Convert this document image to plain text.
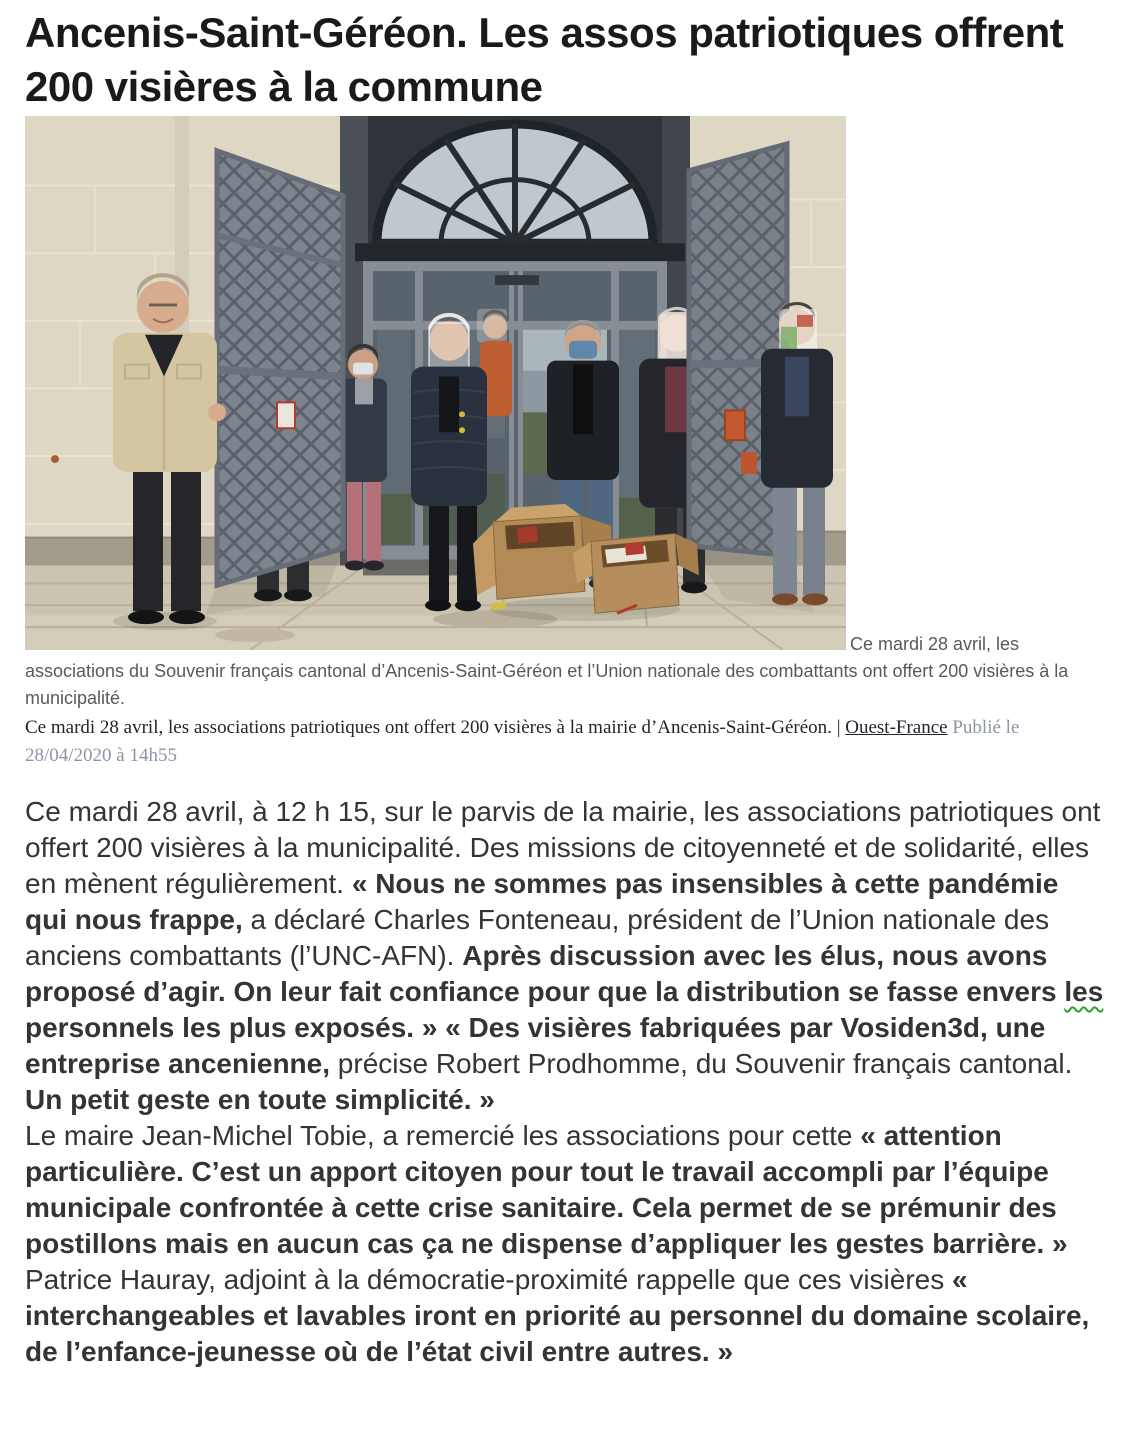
Ancenis-Saint-Géréon. Les assos patriotiques offrent 200 visières à la commune
Ce mardi 28 avril, les associations du Souvenir français cantonal d’Ancenis-Saint-Géréon et l’Union nationale des combattants ont offert 200 visières à la municipalité.

Ce mardi 28 avril, les associations patriotiques ont offert 200 visières à la mairie d’Ancenis-Saint-Géréon. | Ouest-France Publié le 28/04/2020 à 14h55

Ce mardi 28 avril, à 12 h 15, sur le parvis de la mairie, les associations patriotiques ont offert 200 visières à la municipalité. Des missions de citoyenneté et de solidarité, elles en mènent régulièrement. « Nous ne sommes pas insensibles à cette pandémie qui nous frappe, a déclaré Charles Fonteneau, président de l’Union nationale des anciens combattants (l’UNC-AFN). Après discussion avec les élus, nous avons proposé d’agir. On leur fait confiance pour que la distribution se fasse envers les personnels les plus exposés. » « Des visières fabriquées par Vosiden3d, une entreprise ancenienne, précise Robert Prodhomme, du Souvenir français cantonal. Un petit geste en toute simplicité. »

Le maire Jean-Michel Tobie, a remercié les associations pour cette « attention particulière. C’est un apport citoyen pour tout le travail accompli par l’équipe municipale confrontée à cette crise sanitaire. Cela permet de se prémunir des postillons mais en aucun cas ça ne dispense d’appliquer les gestes barrière. » Patrice Hauray, adjoint à la démocratie-proximité rappelle que ces visières « interchangeables et lavables iront en priorité au personnel du domaine scolaire, de l’enfance-jeunesse où de l’état civil entre autres. »
